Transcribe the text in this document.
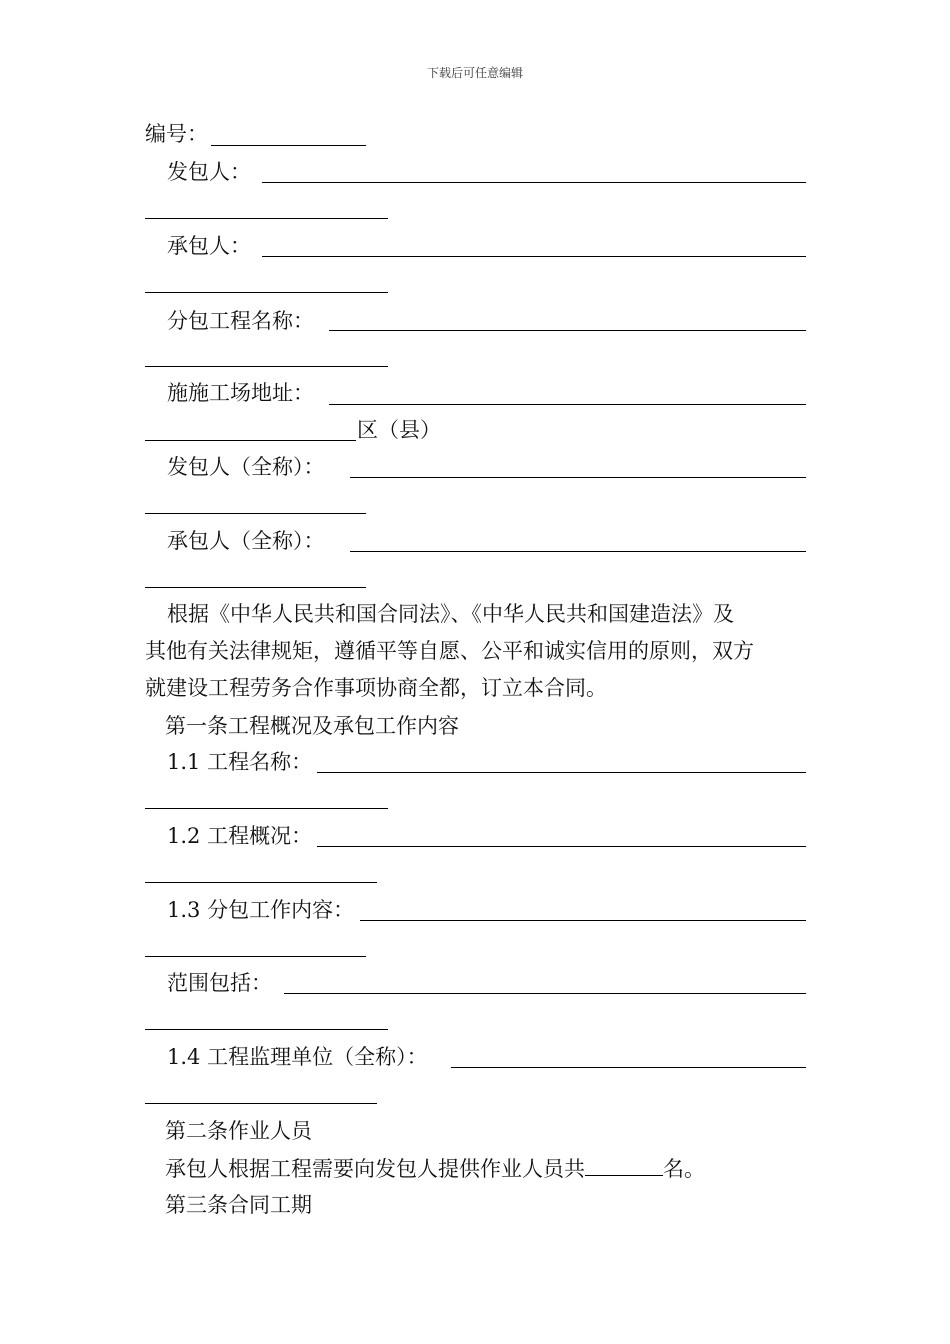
下载后可任意编辑
编号：
发包人：
承包人：
分包工程名称：
施施工场地址：
区（县）
发包人（全称）：
承包人（全称）：
根据《中华人民共和国合同法》、《中华人民共和国建造法》及
其他有关法律规矩，遵循平等自愿、公平和诚实信用的原则，双方
就建设工程劳务合作事项协商全都，订立本合同。
第一条工程概况及承包工作内容
1.1 工程名称：
1.2 工程概况：
1.3 分包工作内容：
范围包括：
1.4 工程监理单位（全称）：
第二条作业人员
承包人根据工程需要向发包人提供作业人员共	名。
第三条合同工期
